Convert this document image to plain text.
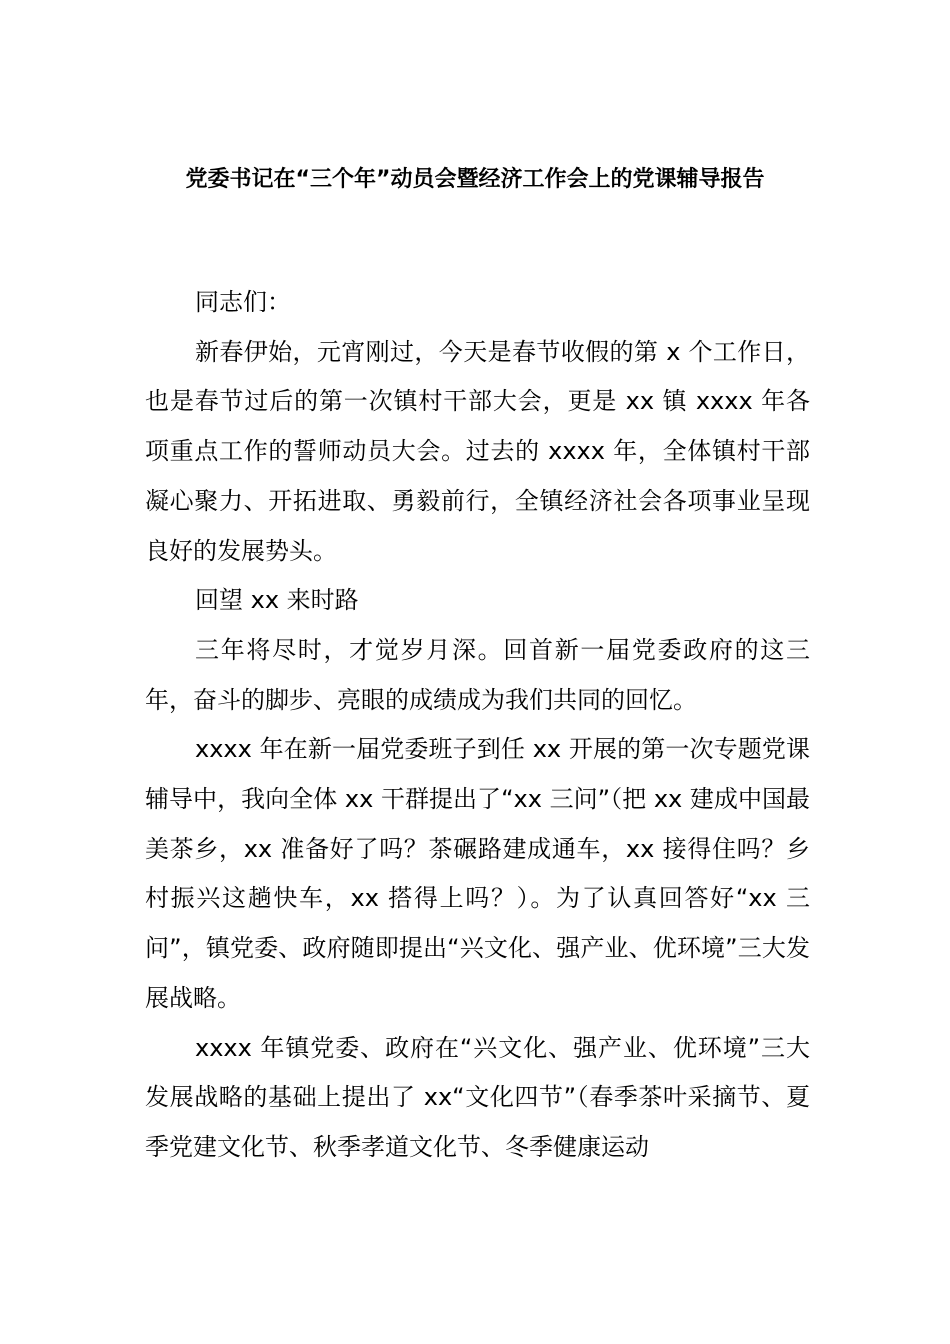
党委书记在“三个年”动员会暨经济工作会上的党课辅导报告

同志们：

新春伊始，元宵刚过，今天是春节收假的第 x 个工作日，也是春节过后的第一次镇村干部大会，更是 xx 镇 xxxx 年各项重点工作的誓师动员大会。过去的 xxxx 年，全体镇村干部凝心聚力、开拓进取、勇毅前行，全镇经济社会各项事业呈现良好的发展势头。

回望 xx 来时路

三年将尽时，才觉岁月深。回首新一届党委政府的这三年，奋斗的脚步、亮眼的成绩成为我们共同的回忆。

xxxx 年在新一届党委班子到任 xx 开展的第一次专题党课辅导中，我向全体 xx 干群提出了“xx 三问”（把 xx 建成中国最美茶乡，xx 准备好了吗？茶碾路建成通车，xx 接得住吗？乡村振兴这趟快车，xx 搭得上吗？）。为了认真回答好“xx 三问”，镇党委、政府随即提出“兴文化、强产业、优环境”三大发展战略。

xxxx 年镇党委、政府在“兴文化、强产业、优环境”三大发展战略的基础上提出了 xx“文化四节”（春季茶叶采摘节、夏季党建文化节、秋季孝道文化节、冬季健康运动
